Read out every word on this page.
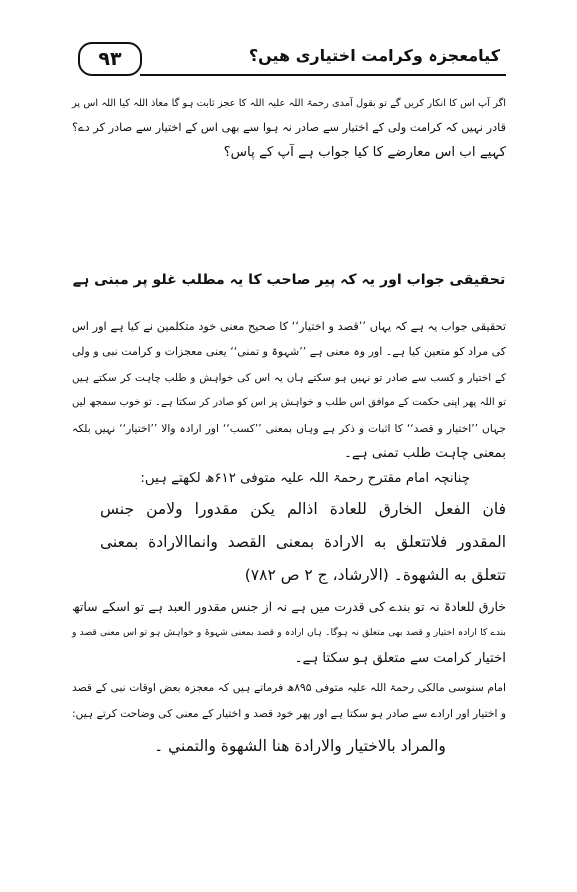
٩٣	کیامعجزہ وکرامت اختیاری ھیں؟
اگر آپ اس کا انکار کریں گے تو بقول آمدی رحمۃ اللہ علیہ اللہ کا عجز ثابت ہو گا معاذ اللہ کیا اللہ اس پر
قادر نہیں کہ کرامت ولی کے اختیار سے صادر نہ ہوا سے بھی اس کے اختیار سے صادر کر دے؟
کہیے اب اس معارضے کا کیا جواب ہے آپ کے پاس؟
تحقیقی جواب اور یہ کہ پیر صاحب کا یہ مطلب غلو پر مبنی ہے
تحقیقی جواب یہ ہے کہ یہاں ’’قصد و اختیار‘‘ کا صحیح معنی خود متکلمین نے کیا ہے اور اس
کی مراد کو متعین کیا ہے۔ اور وہ معنی ہے ’’شہوۃ و تمنی‘‘ یعنی معجزات و کرامت نبی و ولی
کے اختیار و کسب سے صادر تو نہیں ہو سکتے ہاں یہ اس کی خواہش و طلب چاہت کر سکتے ہیں
تو اللہ پھر اپنی حکمت کے موافق اس طلب و خواہش پر اس کو صادر کر سکتا ہے۔ تو خوب سمجھ لیں
جہاں ’’اختیار و قصد‘‘ کا اثبات و ذکر ہے وہاں بمعنی ’’کسب‘‘ اور ارادہ والا ’’اختیار‘‘ نہیں بلکہ
بمعنی چاہت طلب تمنی ہے۔
چنانچہ امام مقترح رحمۃ اللہ علیہ متوفی ۶۱۲ھ لکھتے ہیں:
فان الفعل الخارق للعادة اذالم يكن مقدورا ولامن جنس
المقدور فلاتتعلق به الارادة بمعنى القصد وانماالارادة بمعنى
تتعلق به الشهوة۔ (الارشاد، ج ۲ ص ۷۸۲)
خارق للعادۃ نہ تو بندے کی قدرت میں ہے نہ از جنس مقدور العبد ہے تو اسکے ساتھ
بندے کا ارادہ اختیار و قصد بھی متعلق نہ ہوگا۔ ہاں ارادہ و قصد بمعنی شہوۃ و خواہش ہو تو اس معنی قصد و
اختیار کرامت سے متعلق ہو سکتا ہے۔
امام سنوسی مالکی رحمۃ اللہ علیہ متوفی ۸۹۵ھ فرماتے ہیں کہ معجزہ بعض اوقات نبی کے قصد
و اختیار اور ارادے سے صادر ہو سکتا ہے اور پھر خود قصد و اختیار کے معنی کی وضاحت کرتے ہیں:
والمراد بالاختيار والارادة هنا الشهوة والتمني ۔
